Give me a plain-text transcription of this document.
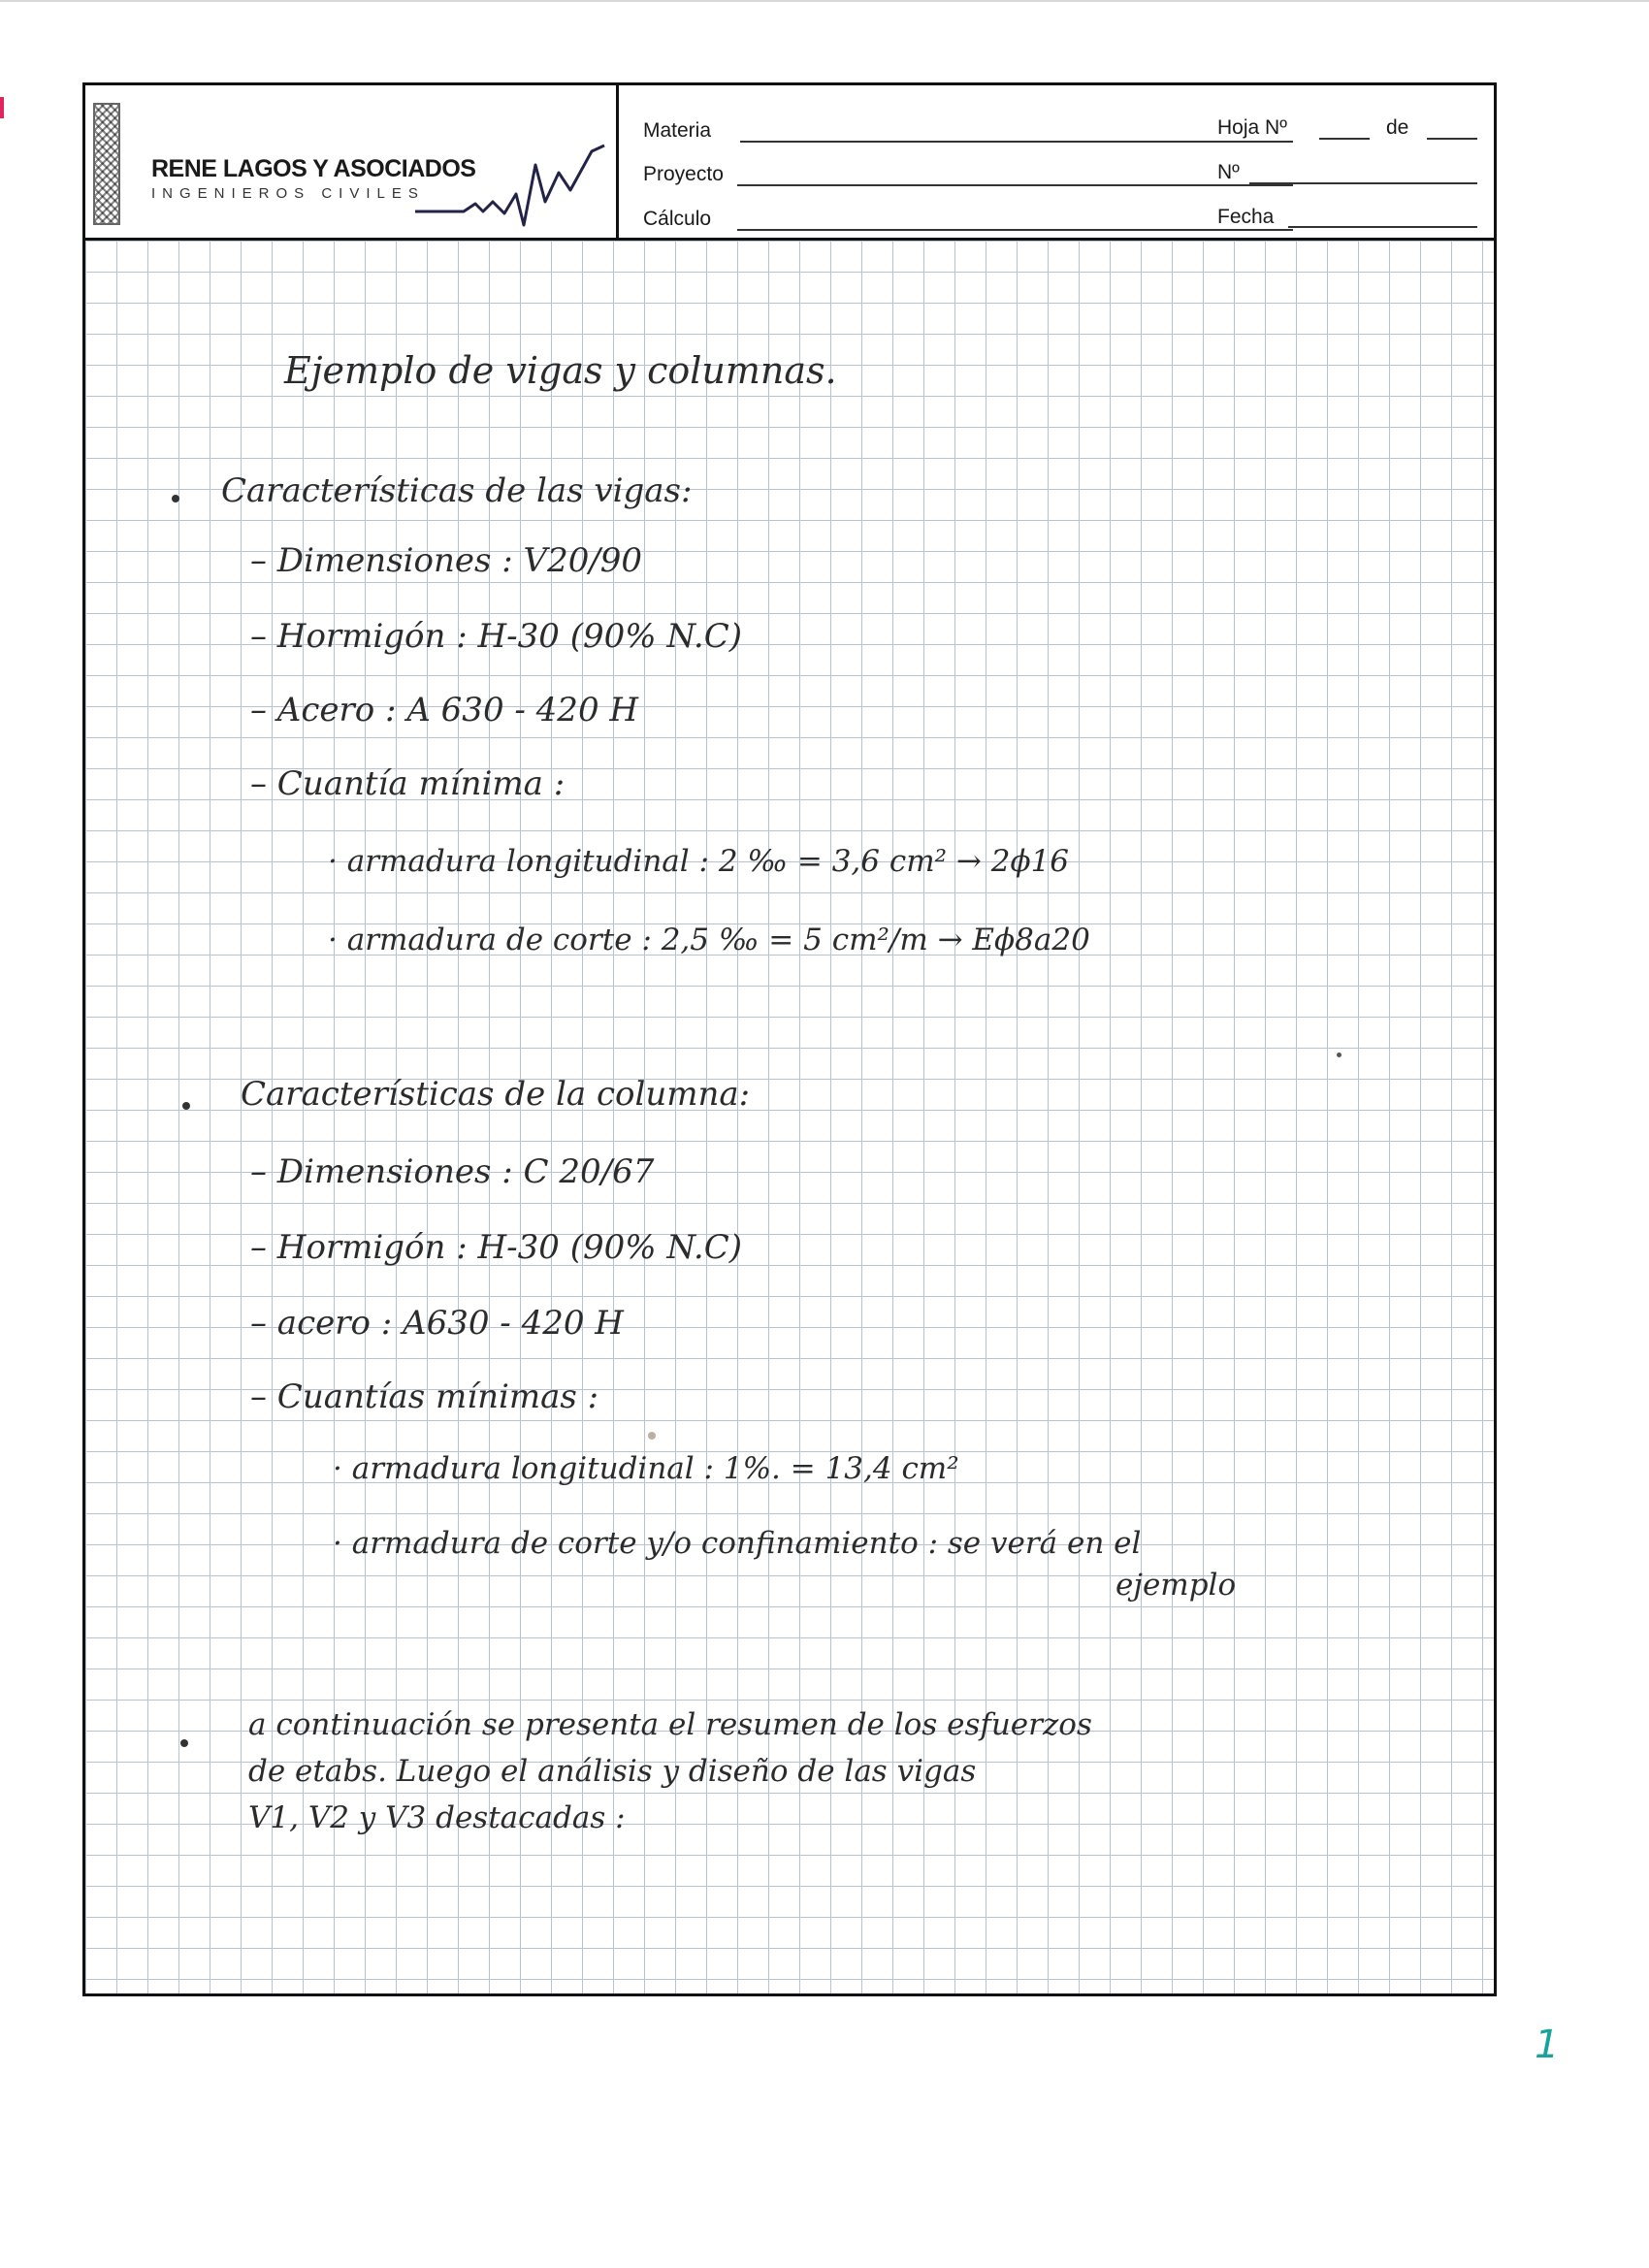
RENE LAGOS Y ASOCIADOS
INGENIEROS CIVILES
Materia	Hoja Nº	de
Proyecto	Nº
Cálculo	Fecha
Ejemplo de vigas y columnas.
Características de las vigas:
– Dimensiones : V20/90
– Hormigón : H-30 (90% N.C)
– Acero : A 630 - 420 H
– Cuantía mínima :
· armadura longitudinal : 2 ‰ = 3,6 cm² → 2ϕ16
· armadura de corte : 2,5 ‰ = 5 cm²/m → Eϕ8a20
Características de la columna:
– Dimensiones : C 20/67
– Hormigón : H-30 (90% N.C)
– acero : A630 - 420 H
– Cuantías mínimas :
· armadura longitudinal : 1%. = 13,4 cm²
· armadura de corte y/o confinamiento : se verá en el
ejemplo
a continuación se presenta el resumen de los esfuerzos
de etabs. Luego el análisis y diseño de las vigas
V1, V2 y V3 destacadas :
1
